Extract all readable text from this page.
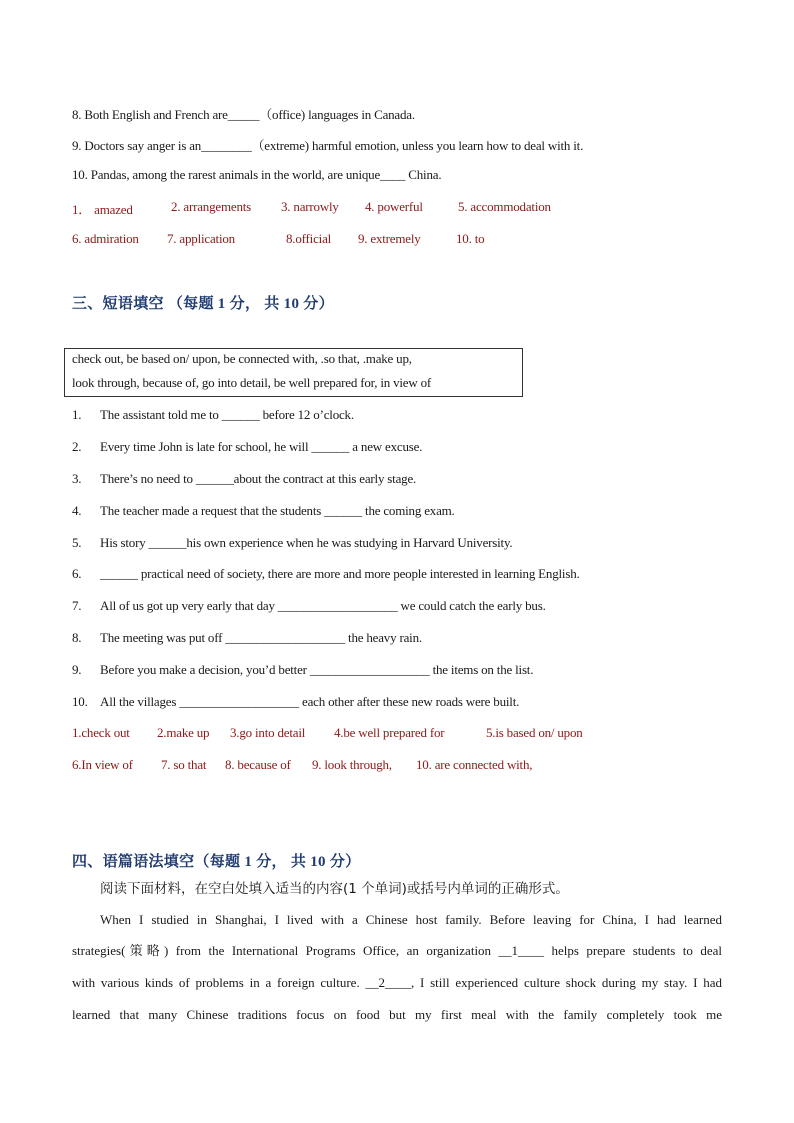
8. Both English and French are_____（office) languages in Canada.
9. Doctors say anger is an________（extreme) harmful emotion, unless you learn how to deal with it.
10. Pandas, among the rarest animals in the world, are unique____ China.
1． amazed	2. arrangements 3. narrowly 4. powerful	5. accommodation
6. admiration 7. application	8.official 9. extremely	10. to
三、短语填空 （每题 1 分， 共 10 分）
check out, be based on/ upon, be connected with, .so that, .make up,
look through, because of, go into detail, be well prepared for, in view of
1. The assistant told me to ______ before 12 o’clock.
2. Every time John is late for school, he will ______ a new excuse.
3. There’s no need to ______about the contract at this early stage.
4. The teacher made a request that the students ______ the coming exam.
5. His story ______his own experience when he was studying in Harvard University.
6. ______ practical need of society, there are more and more people interested in learning English.
7. All of us got up very early that day ___________________ we could catch the early bus.
8. The meeting was put off ___________________ the heavy rain.
9. Before you make a decision, you’d better ___________________ the items on the list.
10. All the villages ___________________ each other after these new roads were built.
1.check out 2.make up 3.go into detail 4.be well prepared for	5.is based on/ upon
6.In view of 7. so that 8. because of 9. look through, 10. are connected with,
四、语篇语法填空（每题 1 分， 共 10 分）
阅读下面材料，在空白处填入适当的内容(1 个单词)或括号内单词的正确形式。
When I studied in Shanghai, I lived with a Chinese host family. Before leaving for China, I had learned
strategies(策略) from the International Programs Office, an organization __1____ helps prepare students to deal
with various kinds of problems in a foreign culture. __2____, I still experienced culture shock during my stay. I had
learned that many Chinese traditions focus on food but my first meal with the family completely took me
